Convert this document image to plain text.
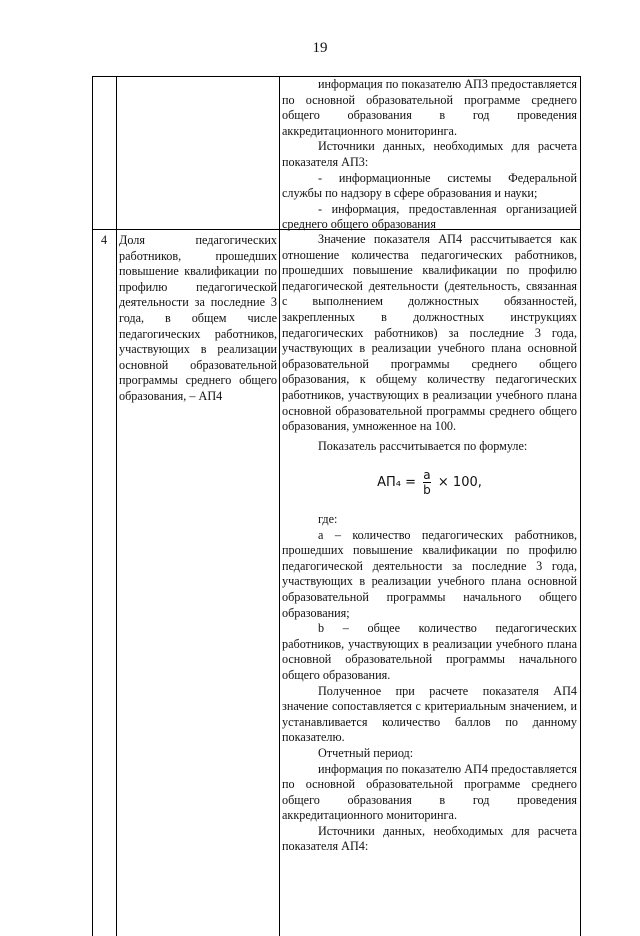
19

информация по показателю АП3 предоставляется по основной образовательной программе среднего общего образования в год проведения аккредитационного мониторинга.

Источники данных, необходимых для расчета показателя АП3:

- информационные системы Федеральной службы по надзору в сфере образования и науки;

- информация, предоставленная организацией среднего общего образования

4 Доля педагогических работников, прошедших повышение квалификации по профилю педагогической деятельности за последние 3 года, в общем числе педагогических работников, участвующих в реализации основной образовательной программы среднего общего образования, – АП4

Значение показателя АП4 рассчитывается как отношение количества педагогических работников, прошедших повышение квалификации по профилю педагогической деятельности (деятельность, связанная с выполнением должностных обязанностей, закрепленных в должностных инструкциях педагогических работников) за последние 3 года, участвующих в реализации учебного плана основной образовательной программы среднего общего образования, к общему количеству педагогических работников, участвующих в реализации учебного плана основной образовательной программы среднего общего образования, умноженное на 100.

Показатель рассчитывается по формуле:

$АП_4 = \frac{a}{b} \times 100$,

где:

а – количество педагогических работников, прошедших повышение квалификации по профилю педагогической деятельности за последние 3 года, участвующих в реализации учебного плана основной образовательной программы начального общего образования;

b – общее количество педагогических работников, участвующих в реализации учебного плана основной образовательной программы начального общего образования.

Полученное при расчете показателя АП4 значение сопоставляется с критериальным значением, и устанавливается количество баллов по данному показателю.

Отчетный период:

информация по показателю АП4 предоставляется по основной образовательной программе среднего общего образования в год проведения аккредитационного мониторинга.

Источники данных, необходимых для расчета показателя АП4:
